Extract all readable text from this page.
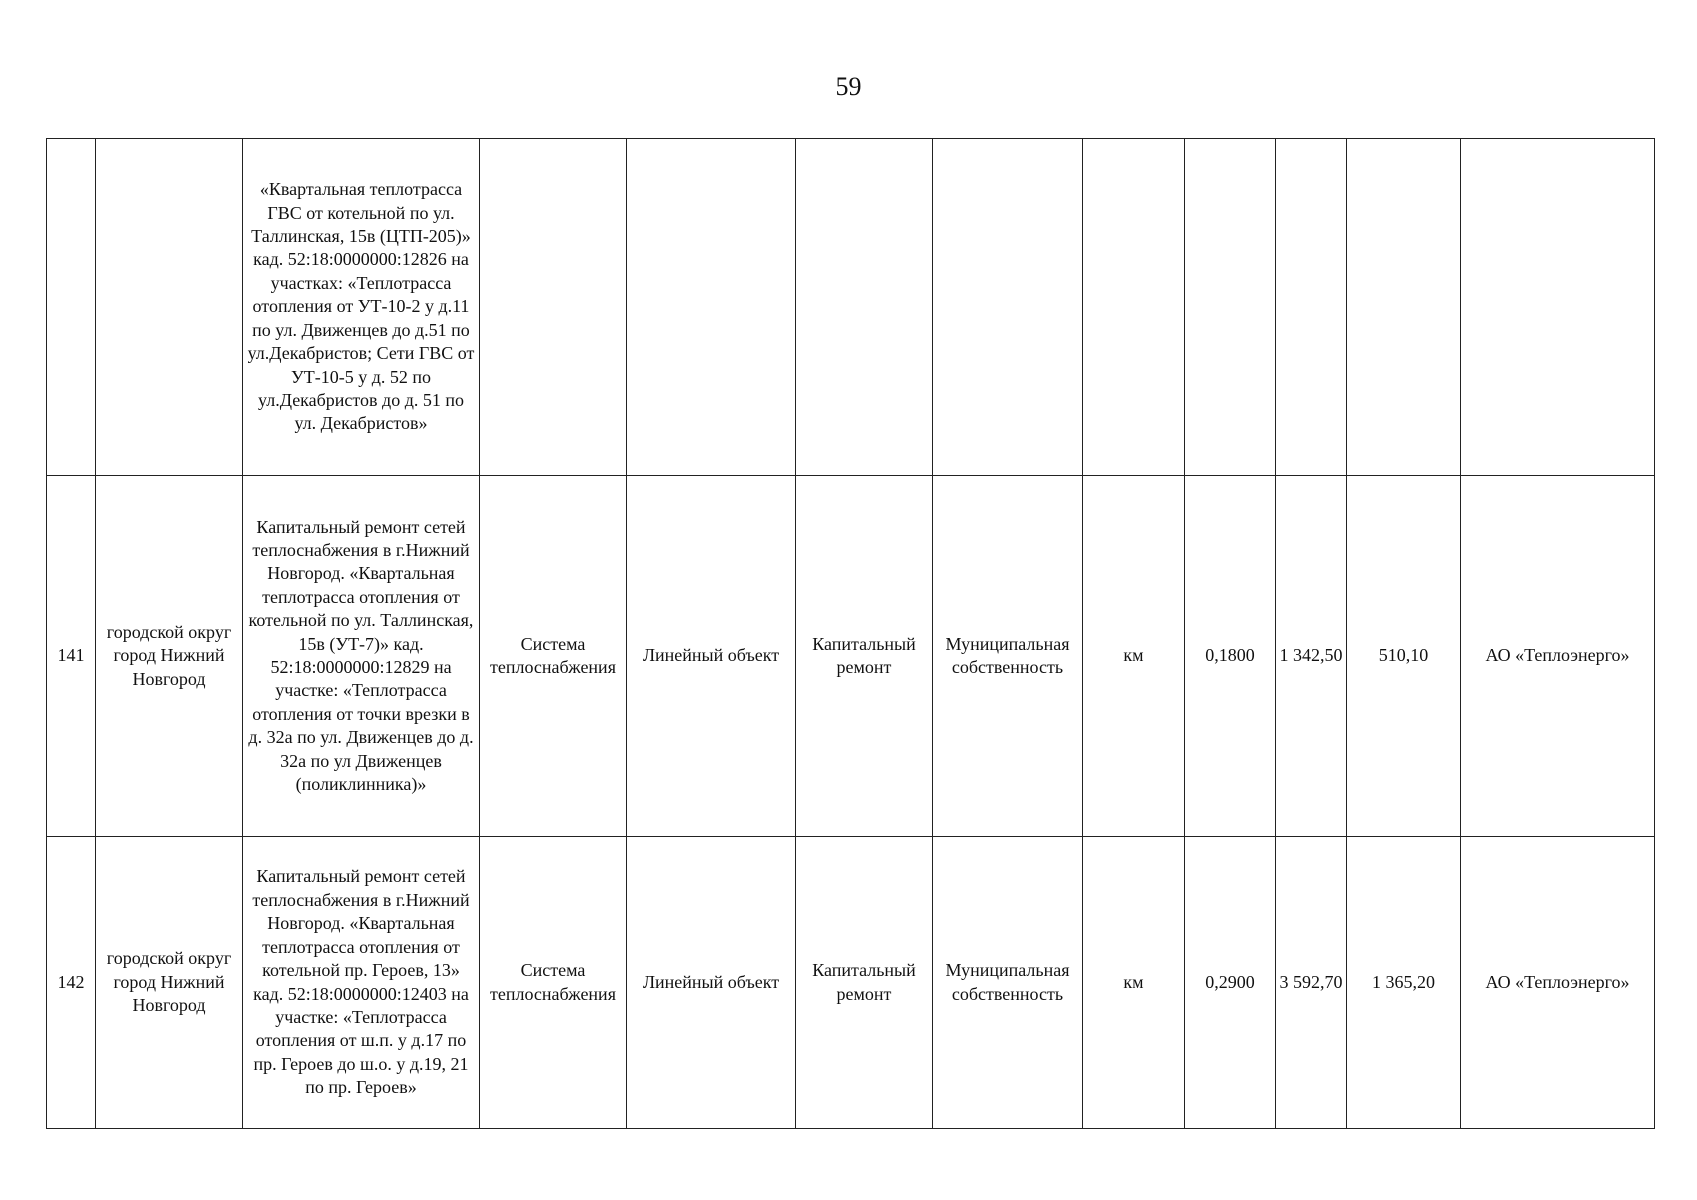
59
		«Квартальная теплотрасса ГВС от котельной по ул. Таллинская, 15в (ЦТП-205)» кад. 52:18:0000000:12826 на участках: «Теплотрасса отопления от УТ-10-2 у д.11 по ул. Движенцев до д.51 по ул.Декабристов; Сети ГВС от УТ-10-5 у д. 52 по ул.Декабристов до д. 51 по ул. Декабристов»									
141	городской округ город Нижний Новгород	Капитальный ремонт сетей теплоснабжения в г.Нижний Новгород. «Квартальная теплотрасса отопления от котельной по ул. Таллинская, 15в (УТ-7)» кад. 52:18:0000000:12829 на участке: «Теплотрасса отопления от точки врезки в д. 32а по ул. Движенцев до д. 32а по ул Движенцев (поликлинника)»	Система теплоснабжения	Линейный объект	Капитальный ремонт	Муниципальная собственность	км	0,1800	1 342,50	510,10	АО «Теплоэнерго»
142	городской округ город Нижний Новгород	Капитальный ремонт сетей теплоснабжения в г.Нижний Новгород. «Квартальная теплотрасса отопления от котельной пр. Героев, 13» кад. 52:18:0000000:12403 на участке: «Теплотрасса отопления от ш.п. у д.17 по пр. Героев до ш.о. у д.19, 21 по пр. Героев»	Система теплоснабжения	Линейный объект	Капитальный ремонт	Муниципальная собственность	км	0,2900	3 592,70	1 365,20	АО «Теплоэнерго»
